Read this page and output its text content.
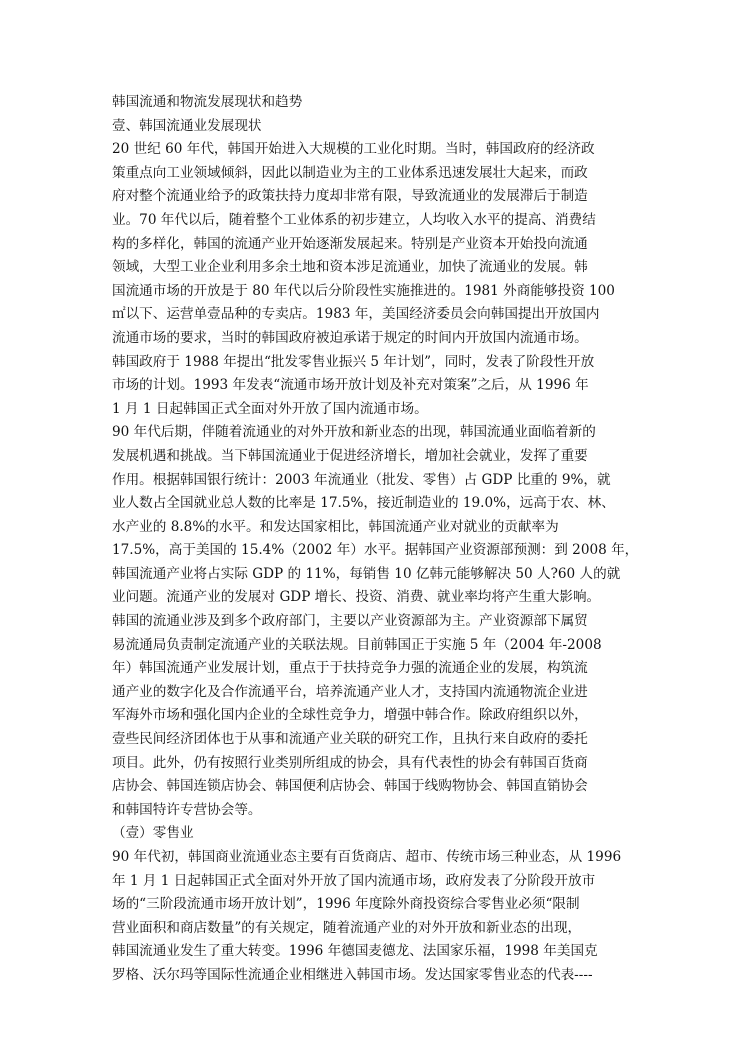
韩国流通和物流发展现状和趋势

壹、韩国流通业发展现状

20 世纪 60 年代，韩国开始进入大规模的工业化时期。当时，韩国政府的经济政
策重点向工业领域倾斜，因此以制造业为主的工业体系迅速发展壮大起来，而政
府对整个流通业给予的政策扶持力度却非常有限，导致流通业的发展滞后于制造
业。70 年代以后，随着整个工业体系的初步建立，人均收入水平的提高、消费结
构的多样化，韩国的流通产业开始逐渐发展起来。特别是产业资本开始投向流通
领域，大型工业企业利用多余土地和资本涉足流通业，加快了流通业的发展。韩
国流通市场的开放是于 80 年代以后分阶段性实施推进的。1981 外商能够投资 100
㎡以下、运营单壹品种的专卖店。1983 年，美国经济委员会向韩国提出开放国内
流通市场的要求，当时的韩国政府被迫承诺于规定的时间内开放国内流通市场。
韩国政府于 1988 年提出“批发零售业振兴 5 年计划”，同时，发表了阶段性开放
市场的计划。1993 年发表“流通市场开放计划及补充对策案”之后，从 1996 年
1 月 1 日起韩国正式全面对外开放了国内流通市场。

90 年代后期，伴随着流通业的对外开放和新业态的出现，韩国流通业面临着新的
发展机遇和挑战。当下韩国流通业于促进经济增长，增加社会就业，发挥了重要
作用。根据韩国银行统计：2003 年流通业（批发、零售）占 GDP 比重的 9%，就
业人数占全国就业总人数的比率是 17.5%，接近制造业的 19.0%，远高于农、林、
水产业的 8.8%的水平。和发达国家相比，韩国流通产业对就业的贡献率为
17.5%，高于美国的 15.4%（2002 年）水平。据韩国产业资源部预测：到 2008 年，
韩国流通产业将占实际 GDP 的 11%，每销售 10 亿韩元能够解决 50 人?60 人的就
业问题。流通产业的发展对 GDP 增长、投资、消费、就业率均将产生重大影响。

韩国的流通业涉及到多个政府部门，主要以产业资源部为主。产业资源部下属贸
易流通局负责制定流通产业的关联法规。目前韩国正于实施 5 年（2004 年-2008
年）韩国流通产业发展计划，重点于于扶持竞争力强的流通企业的发展，构筑流
通产业的数字化及合作流通平台，培养流通产业人才，支持国内流通物流企业进
军海外市场和强化国内企业的全球性竞争力，增强中韩合作。除政府组织以外，
壹些民间经济团体也于从事和流通产业关联的研究工作，且执行来自政府的委托
项目。此外，仍有按照行业类别所组成的协会，具有代表性的协会有韩国百货商
店协会、韩国连锁店协会、韩国便利店协会、韩国于线购物协会、韩国直销协会
和韩国特许专营协会等。

（壹）零售业

90 年代初，韩国商业流通业态主要有百货商店、超市、传统市场三种业态，从 1996
年 1 月 1 日起韩国正式全面对外开放了国内流通市场，政府发表了分阶段开放市
场的“三阶段流通市场开放计划”，1996 年度除外商投资综合零售业必须“限制
营业面积和商店数量”的有关规定，随着流通产业的对外开放和新业态的出现，
韩国流通业发生了重大转变。1996 年德国麦德龙、法国家乐福，1998 年美国克
罗格、沃尔玛等国际性流通企业相继进入韩国市场。发达国家零售业态的代表----
